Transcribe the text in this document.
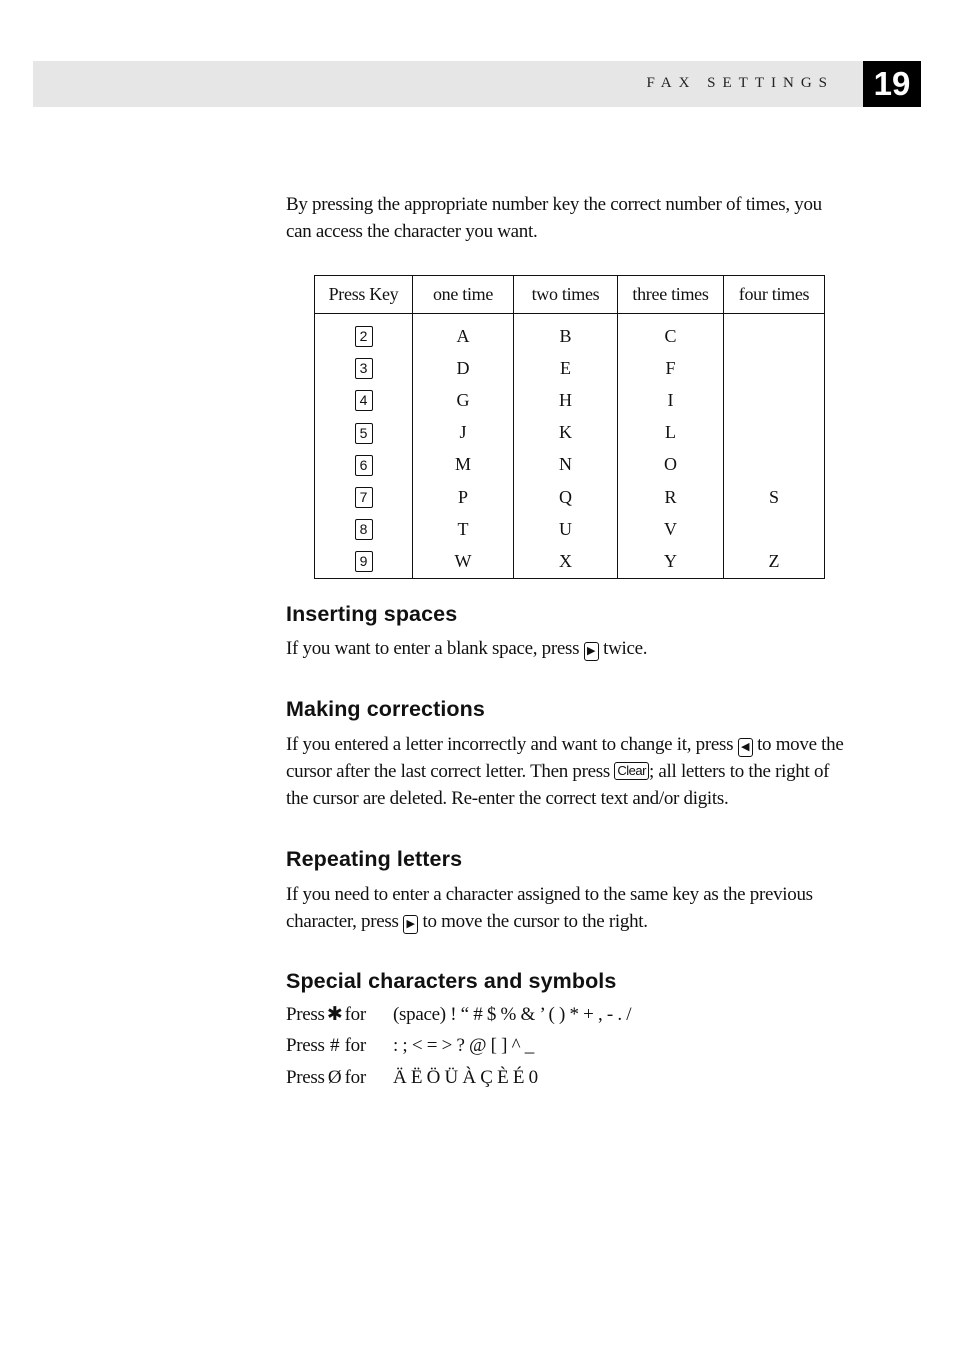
FAX SETTINGS	19

By pressing the appropriate number key the correct number of times, you can access the character you want.

Press Key	one time	two times	three times	four times
2	A	B	C	
3	D	E	F	
4	G	H	I	
5	J	K	L	
6	M	N	O	
7	P	Q	R	S
8	T	U	V	
9	W	X	Y	Z
Inserting spaces

If you want to enter a blank space, press ▶ twice.

Making corrections

If you entered a letter incorrectly and want to change it, press ◀ to move the cursor after the last correct letter. Then press Clear ; all letters to the right of the cursor are deleted. Re-enter the correct text and/or digits.

Repeating letters

If you need to enter a character assigned to the same key as the previous character, press ▶ to move the cursor to the right.

Special characters and symbols
Press ✱ for (space) ! “ # $ % & ’ ( ) * + , - . /
Press # for : ; < = > ? @ [ ] ^ _
Press Ø for Ä Ë Ö Ü À Ç È É 0
